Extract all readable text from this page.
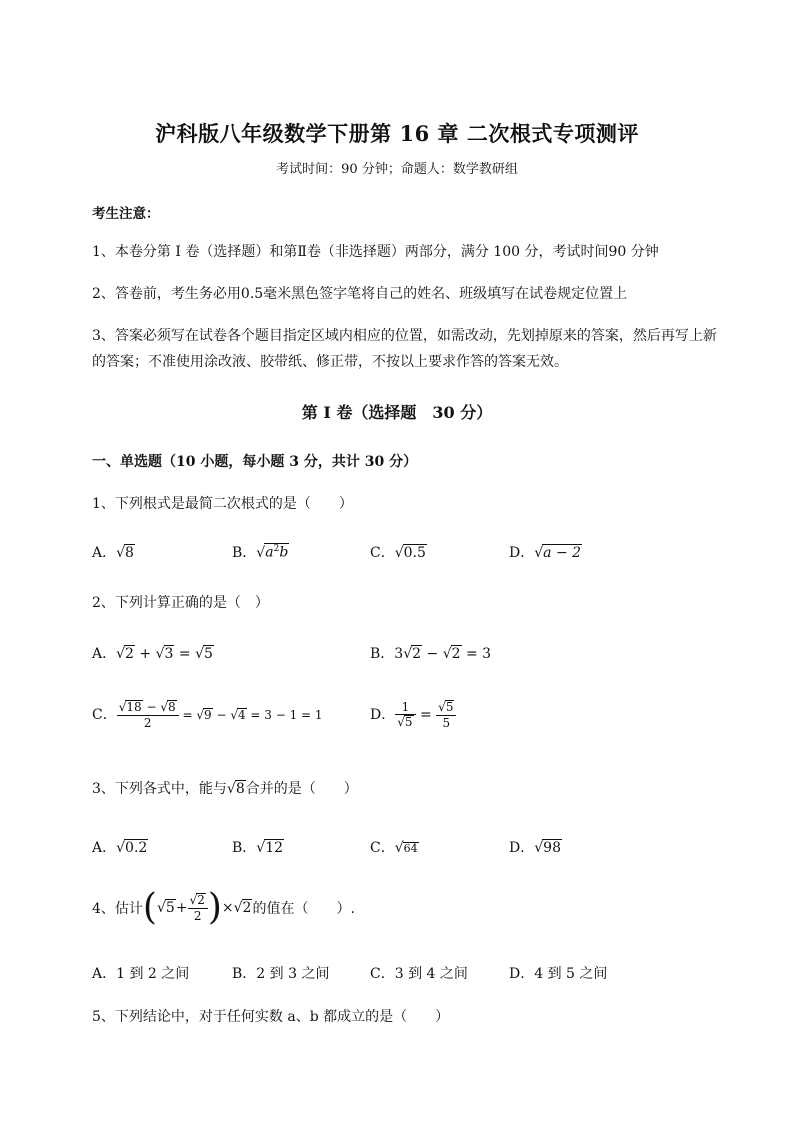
沪科版八年级数学下册第 16 章 二次根式专项测评
考试时间：90 分钟；命题人：数学教研组
考生注意：
1、本卷分第 I 卷（选择题）和第Ⅱ卷（非选择题）两部分，满分 100 分，考试时间90 分钟
2、答卷前，考生务必用0.5毫米黑色签字笔将自己的姓名、班级填写在试卷规定位置上
3、答案必须写在试卷各个题目指定区域内相应的位置，如需改动，先划掉原来的答案，然后再写上新
的答案；不准使用涂改液、胶带纸、修正带，不按以上要求作答的答案无效。
第 I 卷（选择题　30 分）
一、单选题（10 小题，每小题 3 分，共计 30 分）
1、下列根式是最简二次根式的是（　　）
A．√8	B．$√a^2b$	C．√0.5	D．√a − 2
2、下列计算正确的是（　）
A．√2 + √3 = √5	B．3√2 − √2 = 3
C． $\frac{√18 - √8}{2} = √9 - √4 = 3 - 1 = 1$	D． $\frac{1}{√5} = \frac{√5}{5}$
3、下列各式中，能与√8合并的是（　　）
A．√0.2	B．√12	C．√64	D．√98
4、估计$(√5+ \frac{√2}{2} )\times√2$的值在（　　）.
A．1 到 2 之间	B．2 到 3 之间	C．3 到 4 之间	D．4 到 5 之间
5、下列结论中，对于任何实数 a、b 都成立的是（　　）
